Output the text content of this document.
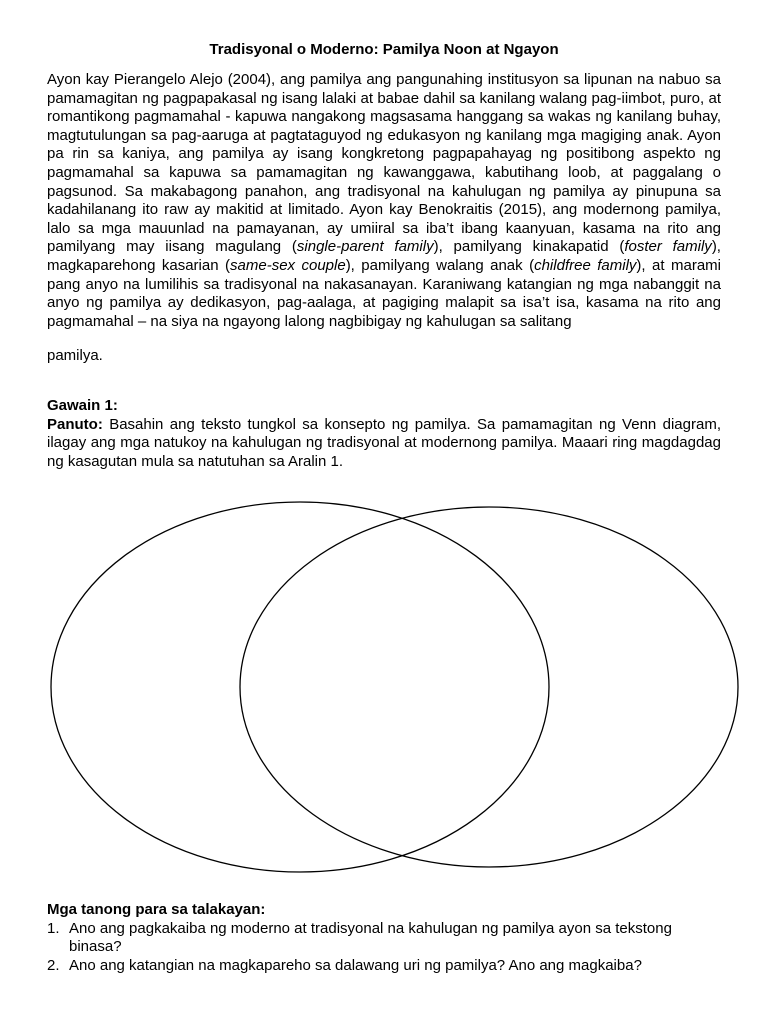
Tradisyonal o Moderno: Pamilya Noon at Ngayon

Ayon kay Pierangelo Alejo (2004), ang pamilya ang pangunahing institusyon sa lipunan na nabuo sa pamamagitan ng pagpapakasal ng isang lalaki at babae dahil sa kanilang walang pag-iimbot, puro, at romantikong pagmamahal - kapuwa nangakong magsasama hanggang sa wakas ng kanilang buhay, magtutulungan sa pag-aaruga at pagtataguyod ng edukasyon ng kanilang mga magiging anak. Ayon pa rin sa kaniya, ang pamilya ay isang kongkretong pagpapahayag ng positibong aspekto ng pagmamahal sa kapuwa sa pamamagitan ng kawanggawa, kabutihang loob, at paggalang o pagsunod. Sa makabagong panahon, ang tradisyonal na kahulugan ng pamilya ay pinupuna sa kadahilanang ito raw ay makitid at limitado. Ayon kay Benokraitis (2015), ang modernong pamilya, lalo sa mga mauunlad na pamayanan, ay umiiral sa iba’t ibang kaanyuan, kasama na rito ang pamilyang may iisang magulang (single-parent family), pamilyang kinakapatid (foster family), magkaparehong kasarian (same-sex couple), pamilyang walang anak (childfree family), at marami pang anyo na lumilihis sa tradisyonal na nakasanayan. Karaniwang katangian ng mga nabanggit na anyo ng pamilya ay dedikasyon, pag-aalaga, at pagiging malapit sa isa’t isa, kasama na rito ang pagmamahal – na siya na ngayong lalong nagbibigay ng kahulugan sa salitang

pamilya.

Gawain 1:
Panuto: Basahin ang teksto tungkol sa konsepto ng pamilya. Sa pamamagitan ng Venn diagram, ilagay ang mga natukoy na kahulugan ng tradisyonal at modernong pamilya. Maaari ring magdagdag ng kasagutan mula sa natutuhan sa Aralin 1.
Mga tanong para sa talakayan:
1. Ano ang pagkakaiba ng moderno at tradisyonal na kahulugan ng pamilya ayon sa tekstong binasa?
2. Ano ang katangian na magkapareho sa dalawang uri ng pamilya? Ano ang magkaiba?
